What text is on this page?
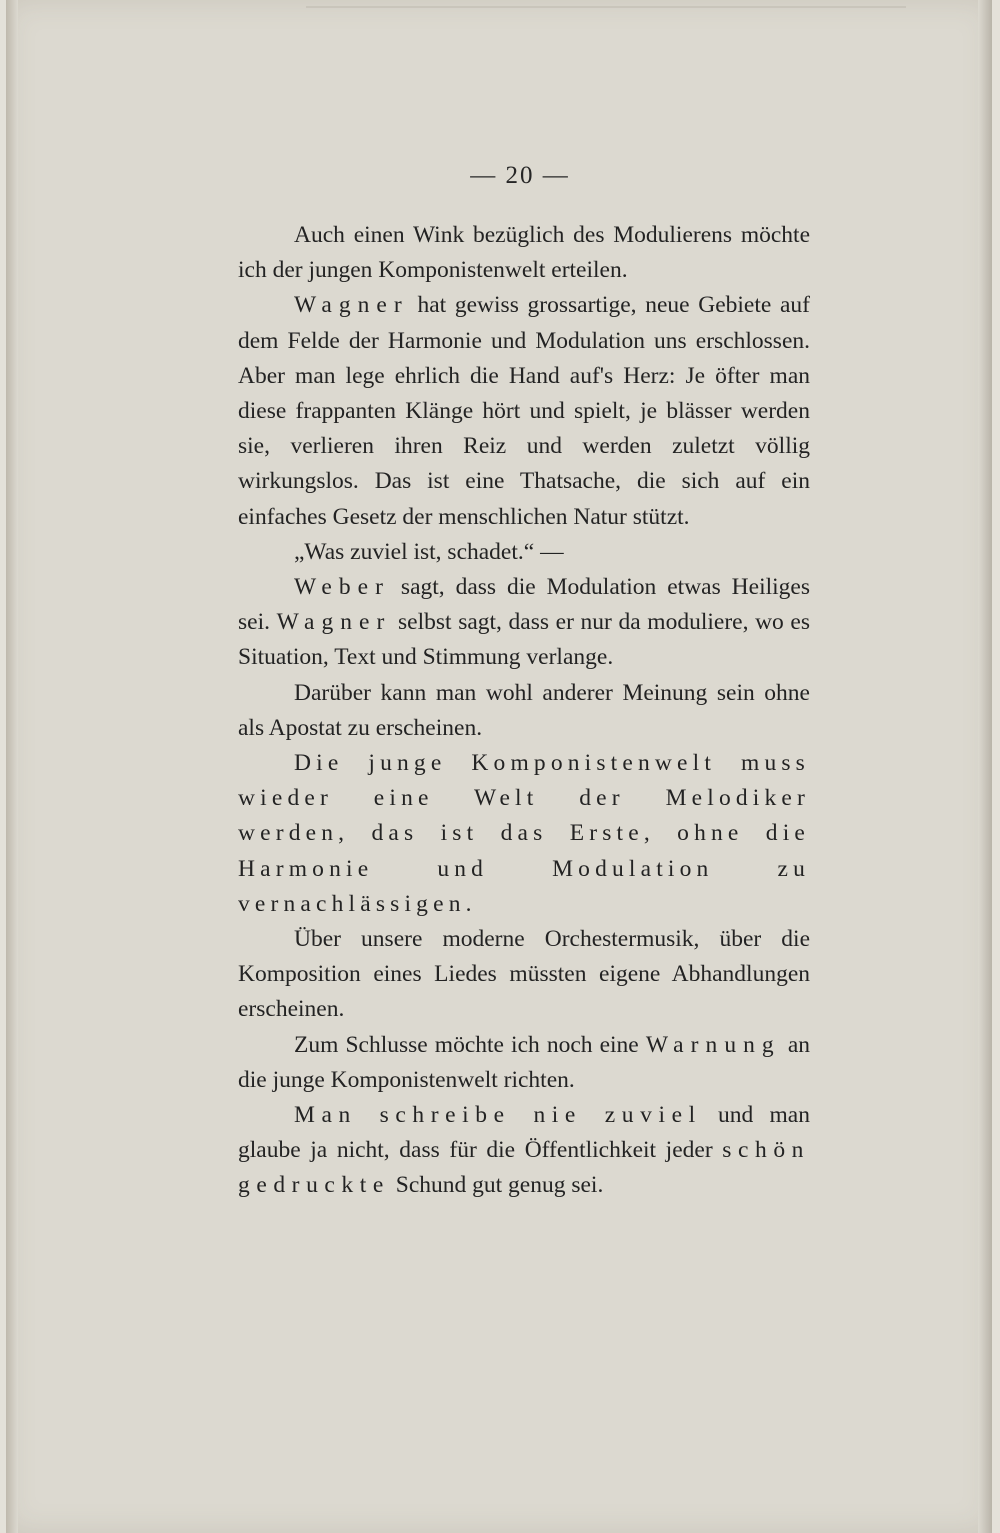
— 20 —

Auch einen Wink bezüglich des Modulierens möchte ich der jungen Komponistenwelt erteilen.

Wagner hat gewiss grossartige, neue Gebiete auf dem Felde der Harmonie und Modulation uns erschlossen. Aber man lege ehrlich die Hand auf's Herz: Je öfter man diese frappanten Klänge hört und spielt, je blässer werden sie, verlieren ihren Reiz und werden zuletzt völlig wirkungslos. Das ist eine Thatsache, die sich auf ein einfaches Gesetz der menschlichen Natur stützt.

„Was zuviel ist, schadet.“ —

Weber sagt, dass die Modulation etwas Heiliges sei. Wagner selbst sagt, dass er nur da moduliere, wo es Situation, Text und Stimmung verlange.

Darüber kann man wohl anderer Meinung sein ohne als Apostat zu erscheinen.

Die junge Komponistenwelt muss wieder eine Welt der Melodiker werden, das ist das Erste, ohne die Harmonie und Modulation zu vernachlässigen.

Über unsere moderne Orchestermusik, über die Komposition eines Liedes müssten eigene Abhandlungen erscheinen.

Zum Schlusse möchte ich noch eine Warnung an die junge Komponistenwelt richten.

Man schreibe nie zuviel und man glaube ja nicht, dass für die Öffentlichkeit jeder schön gedruckte Schund gut genug sei.
